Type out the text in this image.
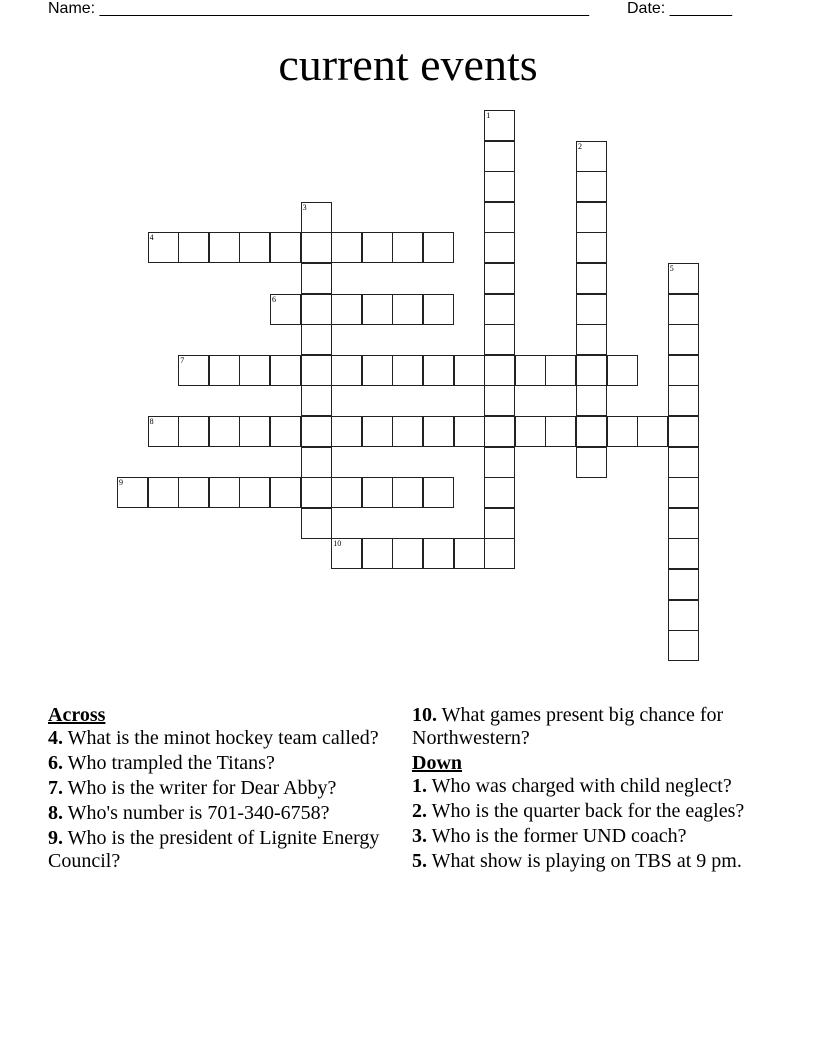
Name: _______________________________________________________ Date: _______
current events
1
2
3
4
5
6
7
8
9
10
Across
4. What is the minot hockey team called?
6. Who trampled the Titans?
7. Who is the writer for Dear Abby?
8. Who's number is 701-340-6758?
9. Who is the president of Lignite Energy Council?
10. What games present big chance for Northwestern?
Down
1. Who was charged with child neglect?
2. Who is the quarter back for the eagles?
3. Who is the former UND coach?
5. What show is playing on TBS at 9 pm.
